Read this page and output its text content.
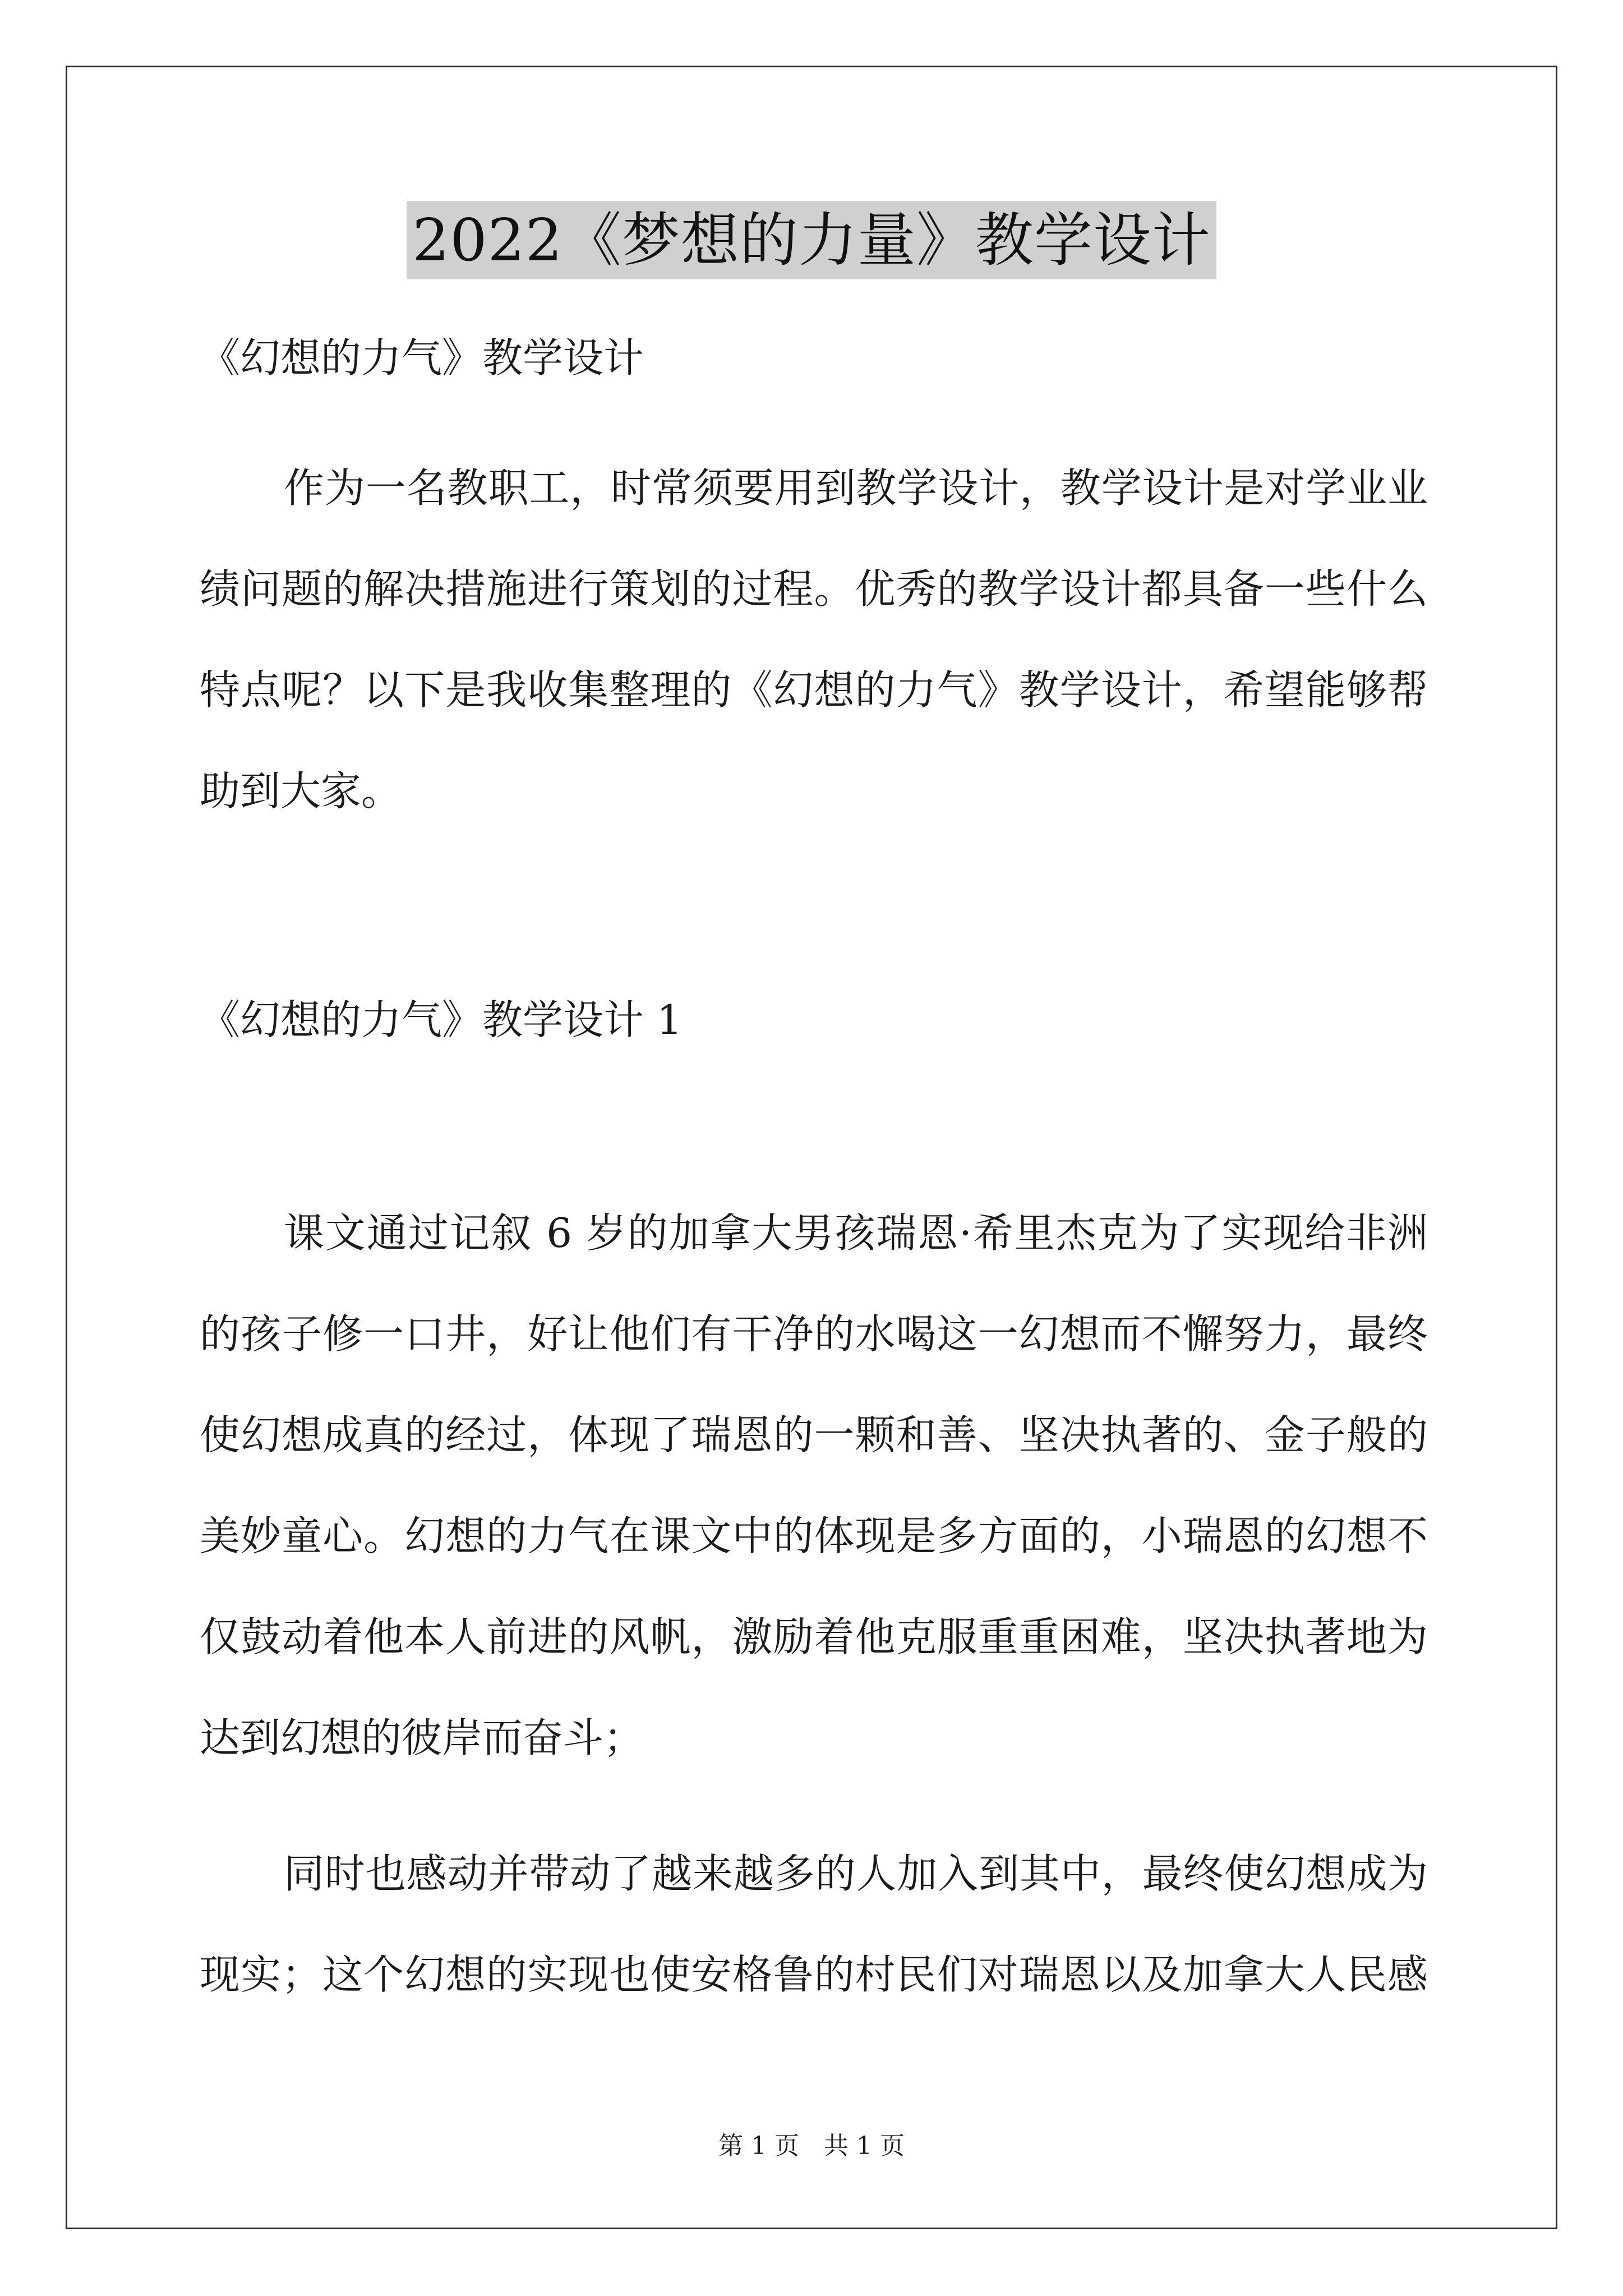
2022《梦想的力量》教学设计
《幻想的力气》教学设计
作为一名教职工，时常须要用到教学设计，教学设计是对学业业
绩问题的解决措施进行策划的过程。优秀的教学设计都具备一些什么
特点呢？以下是我收集整理的《幻想的力气》教学设计，希望能够帮
助到大家。
《幻想的力气》教学设计 1
课文通过记叙 6 岁的加拿大男孩瑞恩·希里杰克为了实现给非洲
的孩子修一口井，好让他们有干净的水喝这一幻想而不懈努力，最终
使幻想成真的经过，体现了瑞恩的一颗和善、坚决执著的、金子般的
美妙童心。幻想的力气在课文中的体现是多方面的，小瑞恩的幻想不
仅鼓动着他本人前进的风帆，激励着他克服重重困难，坚决执著地为
达到幻想的彼岸而奋斗；
同时也感动并带动了越来越多的人加入到其中，最终使幻想成为
现实；这个幻想的实现也使安格鲁的村民们对瑞恩以及加拿大人民感
第 1 页　共 1 页
